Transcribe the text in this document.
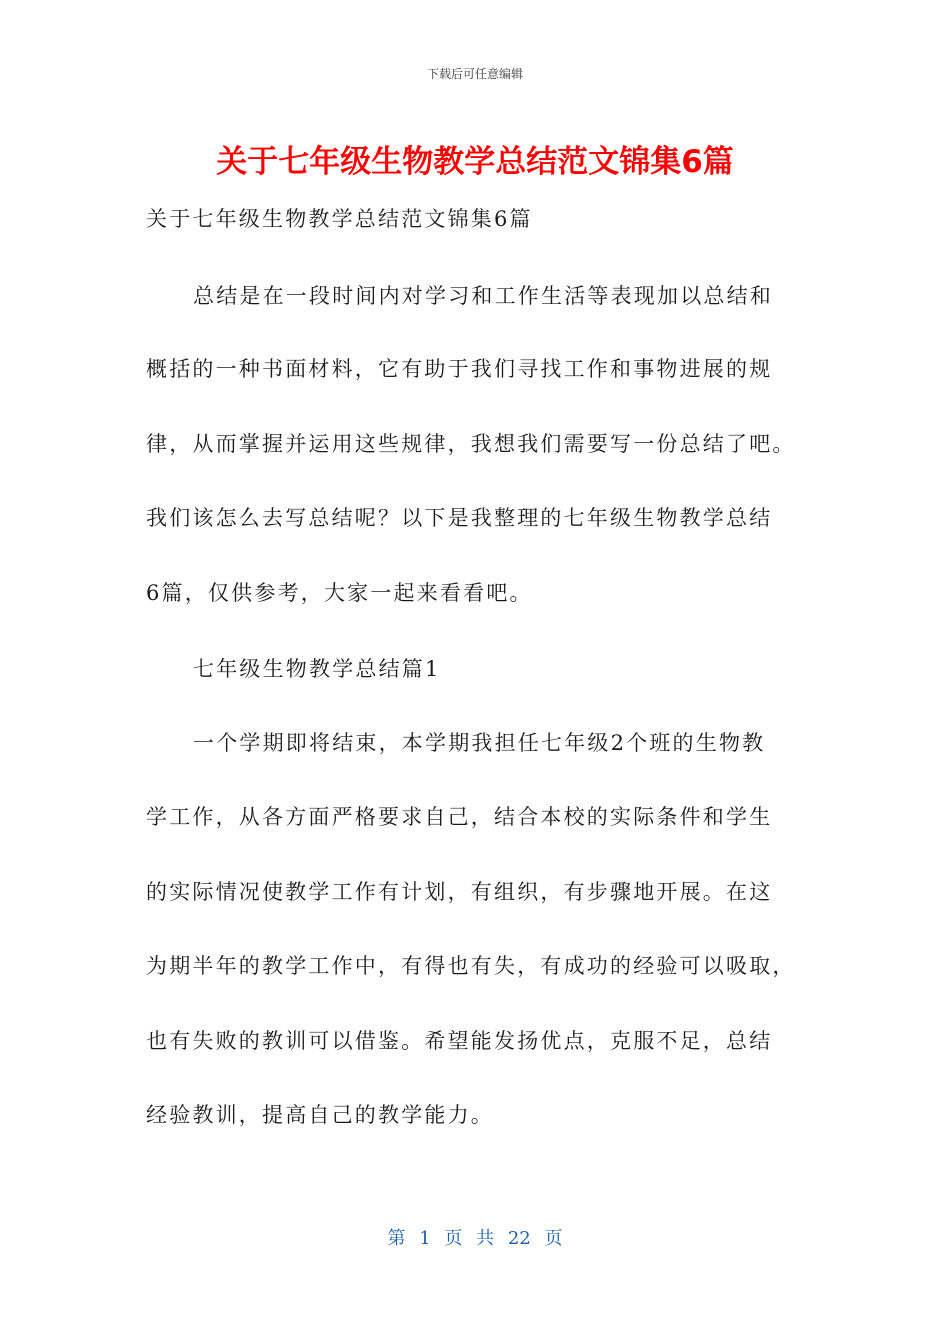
下载后可任意编辑
关于七年级生物教学总结范文锦集6篇
关于七年级生物教学总结范文锦集6篇
总结是在一段时间内对学习和工作生活等表现加以总结和
概括的一种书面材料，它有助于我们寻找工作和事物进展的规
律，从而掌握并运用这些规律，我想我们需要写一份总结了吧。
我们该怎么去写总结呢？以下是我整理的七年级生物教学总结
6篇，仅供参考，大家一起来看看吧。
七年级生物教学总结篇1
一个学期即将结束，本学期我担任七年级2个班的生物教
学工作，从各方面严格要求自己，结合本校的实际条件和学生
的实际情况使教学工作有计划，有组织，有步骤地开展。在这
为期半年的教学工作中，有得也有失，有成功的经验可以吸取，
也有失败的教训可以借鉴。希望能发扬优点，克服不足，总结
经验教训，提高自己的教学能力。
第 1 页 共 22 页
